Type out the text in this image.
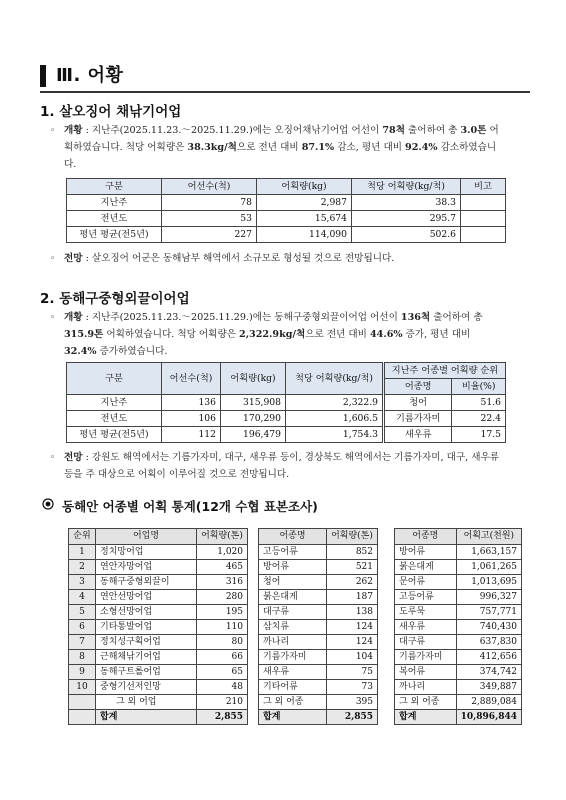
Ⅲ. 어황
1. 살오징어 채낚기어업
◦ 개황 : 지난주(2025.11.23.～2025.11.29.)에는 오징어채낚기어업 어선이 78척 출어하여 총 3.0톤 어획하였습니다. 척당 어획량은 38.3kg/척으로 전년 대비 87.1% 감소, 평년 대비 92.4% 감소하였습니다.
구분	어선수(척)	어획량(kg)	척당 어획량(kg/척)	비고
지난주	78	2,987	38.3	
전년도	53	15,674	295.7	
평년 평균(전5년)	227	114,090	502.6	
◦ 전망 : 살오징어 어군은 동해남부 해역에서 소규모로 형성될 것으로 전망됩니다.
2. 동해구중형외끌이어업
◦ 개황 : 지난주(2025.11.23.～2025.11.29.)에는 동해구중형외끌이어업 어선이 136척 출어하여 총 315.9톤 어획하였습니다. 척당 어획량은 2,322.9kg/척으로 전년 대비 44.6% 증가, 평년 대비 32.4% 증가하였습니다.
구분	어선수(척)	어획량(kg)	척당 어획량(kg/척)	지난주 어종별 어획량 순위	
				어종명	비율(%)
지난주	136	315,908	2,322.9	청어	51.6
전년도	106	170,290	1,606.5	기름가자미	22.4
평년 평균(전5년)	112	196,479	1,754.3	새우류	17.5
◦ 전망 : 강원도 해역에서는 기름가자미, 대구, 새우류 등이, 경상북도 해역에서는 기름가자미, 대구, 새우류 등을 주 대상으로 어획이 이루어질 것으로 전망됩니다.
동해안 어종별 어획 통계(12개 수협 표본조사)
순위	어업명	어획량(톤)
1	정치망어업	1,020
2	연안자망어업	465
3	동해구중형외끌이	316
4	연안선망어업	280
5	소형선망어업	195
6	기타통발어업	110
7	정치성구획어업	80
8	근해채낚기어업	66
9	동해구트롤어업	65
10	중형기선저인망	48
	그 외 어업	210
	합계	2,855
어종명	어획량(톤)
고등어류	852
방어류	521
청어	262
붉은대게	187
대구류	138
삼치류	124
까나리	124
기름가자미	104
새우류	75
기타어류	73
그 외 어종	395
합계	2,855
어종명	어획고(천원)
방어류	1,663,157
붉은대게	1,061,265
문어류	1,013,695
고등어류	996,327
도루묵	757,771
새우류	740,430
대구류	637,830
기름가자미	412,656
복어류	374,742
까나리	349,887
그 외 어종	2,889,084
합계	10,896,844
